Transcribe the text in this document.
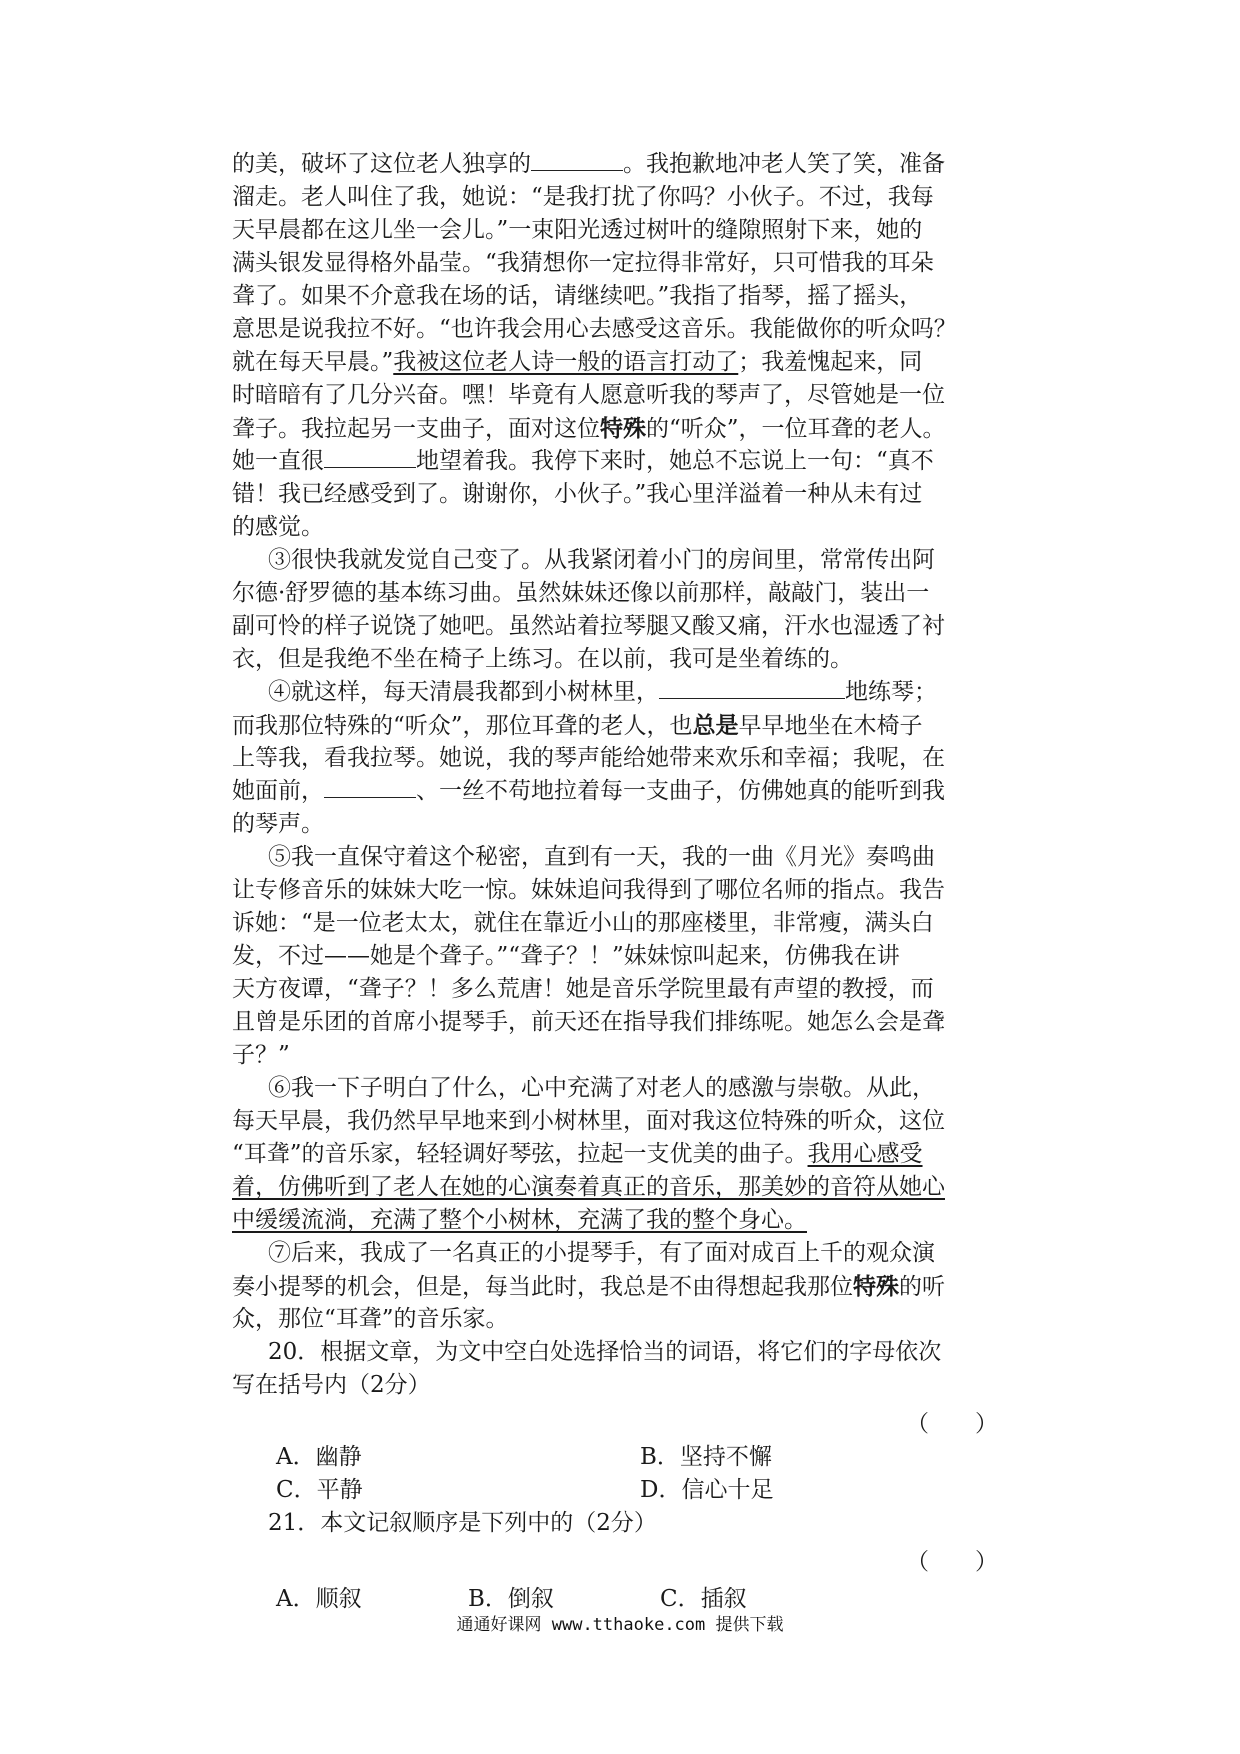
的美，破坏了这位老人独享的	。我抱歉地冲老人笑了笑，准备
溜走。老人叫住了我，她说：“是我打扰了你吗？小伙子。不过，我每
天早晨都在这儿坐一会儿。”一束阳光透过树叶的缝隙照射下来，她的
满头银发显得格外晶莹。“我猜想你一定拉得非常好，只可惜我的耳朵
聋了。如果不介意我在场的话，请继续吧。”我指了指琴，摇了摇头，
意思是说我拉不好。“也许我会用心去感受这音乐。我能做你的听众吗？
就在每天早晨。”我被这位老人诗一般的语言打动了；我羞愧起来，同
时暗暗有了几分兴奋。嘿！毕竟有人愿意听我的琴声了，尽管她是一位
聋子。我拉起另一支曲子，面对这位特殊的“听众”，一位耳聋的老人。
她一直很	地望着我。我停下来时，她总不忘说上一句：“真不
错！我已经感受到了。谢谢你，小伙子。”我心里洋溢着一种从未有过
的感觉。
③很快我就发觉自己变了。从我紧闭着小门的房间里，常常传出阿
尔德·舒罗德的基本练习曲。虽然妹妹还像以前那样，敲敲门，装出一
副可怜的样子说饶了她吧。虽然站着拉琴腿又酸又痛，汗水也湿透了衬
衣，但是我绝不坐在椅子上练习。在以前，我可是坐着练的。
④就这样，每天清晨我都到小树林里，	地练琴；
而我那位特殊的“听众”，那位耳聋的老人，也总是早早地坐在木椅子
上等我，看我拉琴。她说，我的琴声能给她带来欢乐和幸福；我呢，在
她面前，	、一丝不苟地拉着每一支曲子，仿佛她真的能听到我
的琴声。
⑤我一直保守着这个秘密，直到有一天，我的一曲《月光》奏鸣曲
让专修音乐的妹妹大吃一惊。妹妹追问我得到了哪位名师的指点。我告
诉她：“是一位老太太，就住在靠近小山的那座楼里，非常瘦，满头白
发，不过——她是个聋子。”“聋子？！”妹妹惊叫起来，仿佛我在讲
天方夜谭，“聋子？！多么荒唐！她是音乐学院里最有声望的教授，而
且曾是乐团的首席小提琴手，前天还在指导我们排练呢。她怎么会是聋
子？”
⑥我一下子明白了什么，心中充满了对老人的感激与崇敬。从此，
每天早晨，我仍然早早地来到小树林里，面对我这位特殊的听众，这位
“耳聋”的音乐家，轻轻调好琴弦，拉起一支优美的曲子。我用心感受
着，仿佛听到了老人在她的心演奏着真正的音乐，那美妙的音符从她心
中缓缓流淌，充满了整个小树林，充满了我的整个身心。
⑦后来，我成了一名真正的小提琴手，有了面对成百上千的观众演
奏小提琴的机会，但是，每当此时，我总是不由得想起我那位特殊的听
众，那位“耳聋”的音乐家。
20．根据文章，为文中空白处选择恰当的词语，将它们的字母依次
写在括号内（2分）
（　　）
A．幽静	B．坚持不懈
C．平静	D．信心十足
21．本文记叙顺序是下列中的（2分）
（　　）
A．顺叙	B．倒叙	C．插叙
通通好课网 www.tthaoke.com 提供下载
